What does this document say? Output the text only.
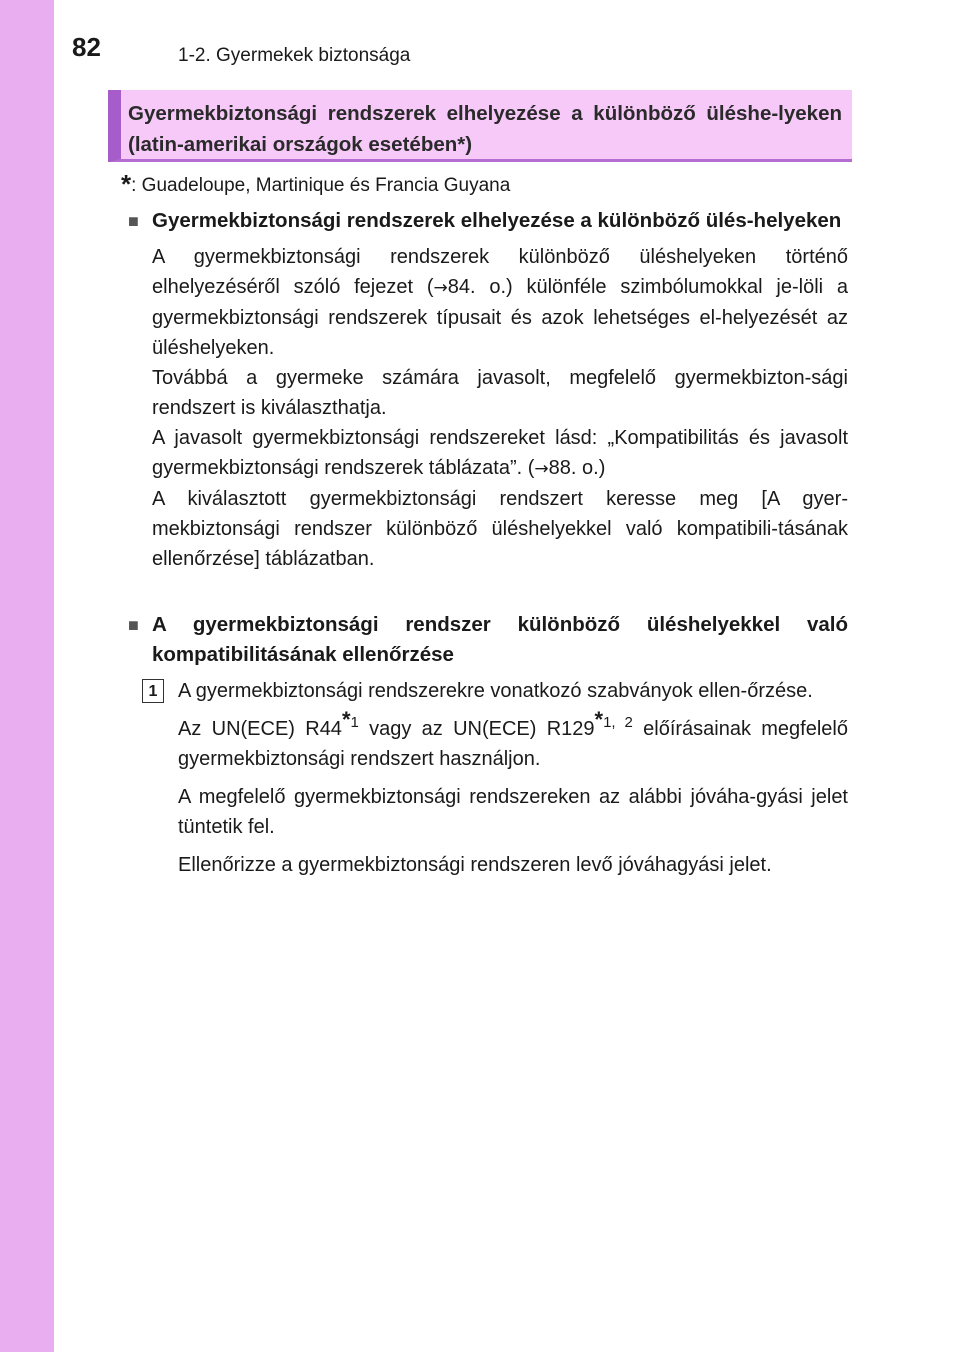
82	1-2. Gyermekek biztonsága
Gyermekbiztonsági rendszerek elhelyezése a különböző üléshe-lyeken (latin-amerikai országok esetében*)
*: Guadeloupe, Martinique és Francia Guyana
■ Gyermekbiztonsági rendszerek elhelyezése a különböző ülés-helyeken

A gyermekbiztonsági rendszerek különböző üléshelyeken történő elhelyezéséről szóló fejezet (→84. o.) különféle szimbólumokkal je-löli a gyermekbiztonsági rendszerek típusait és azok lehetséges el-helyezését az üléshelyeken.

Továbbá a gyermeke számára javasolt, megfelelő gyermekbizton-sági rendszert is kiválaszthatja.

A javasolt gyermekbiztonsági rendszereket lásd: „Kompatibilitás és javasolt gyermekbiztonsági rendszerek táblázata”. (→88. o.)

A kiválasztott gyermekbiztonsági rendszert keresse meg [A gyer-mekbiztonsági rendszer különböző üléshelyekkel való kompatibili-tásának ellenőrzése] táblázatban.

■ A gyermekbiztonsági rendszer különböző üléshelyekkel való kompatibilitásának ellenőrzése
1	A gyermekbiztonsági rendszerekre vonatkozó szabványok ellen-őrzése.

Az UN(ECE) R44$^{*1}$ vagy az UN(ECE) R129$^{*1, 2}$ előírásainak megfelelő gyermekbiztonsági rendszert használjon.

A megfelelő gyermekbiztonsági rendszereken az alábbi jóváha-gyási jelet tüntetik fel.

Ellenőrizze a gyermekbiztonsági rendszeren levő jóváhagyási jelet.
